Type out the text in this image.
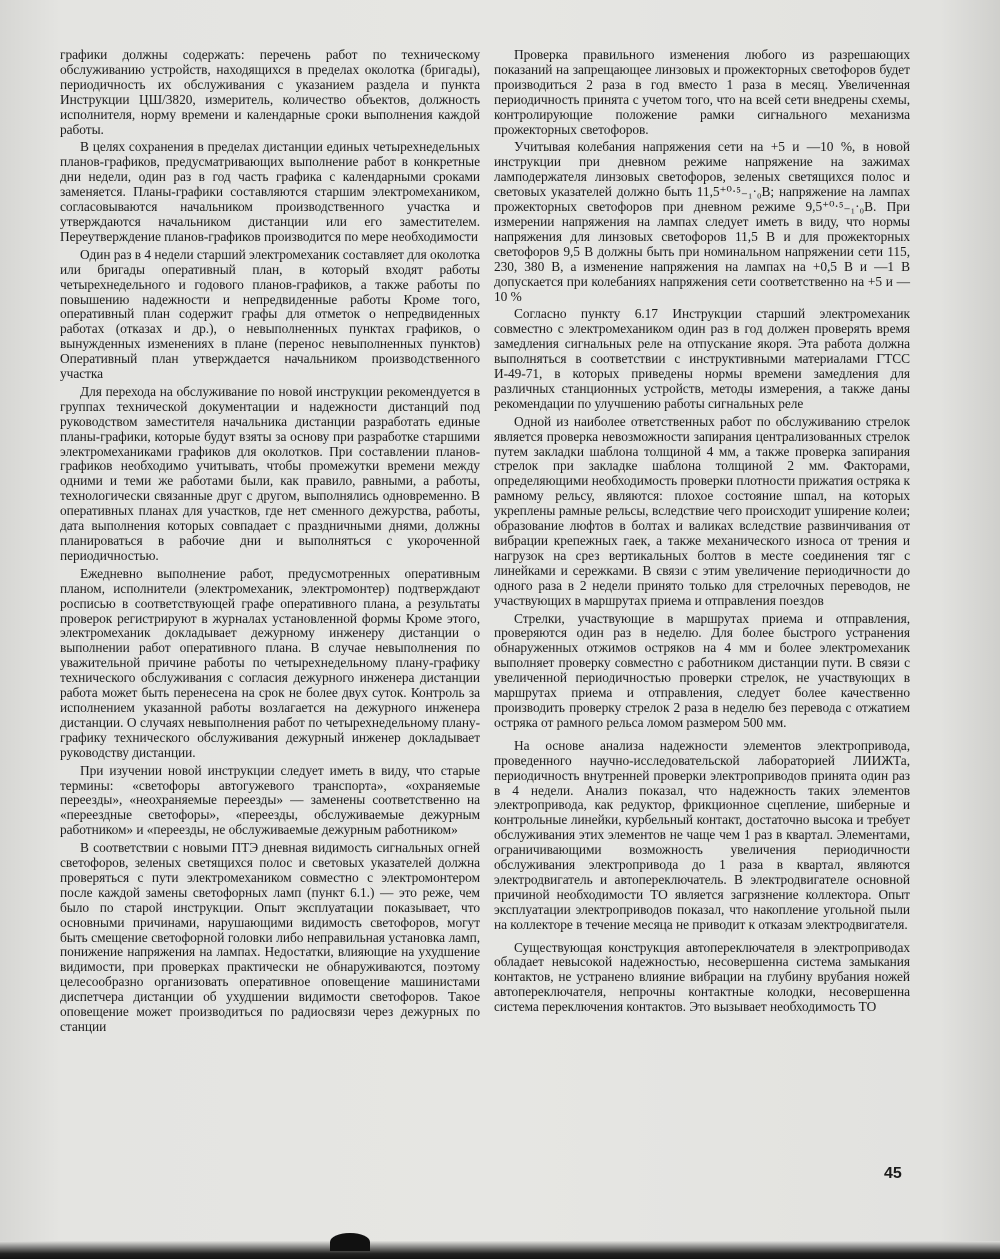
графики должны содержать: перечень работ по техническому обслуживанию устройств, находящихся в пределах околотка (бригады), периодичность их обслуживания с указанием раздела и пункта Инструкции ЦШ/3820, измеритель, количество объектов, должность исполнителя, норму времени и календарные сроки выполнения каждой работы.

В целях сохранения в пределах дистанции единых четырехнедельных планов-графиков, предусматривающих выполнение работ в конкретные дни недели, один раз в год часть графика с календарными сроками заменяется. Планы-графики составляются старшим электромехаником, согласовываются начальником производственного участка и утверждаются начальником дистанции или его заместителем. Переутверждение планов-графиков производится по мере необходимости

Один раз в 4 недели старший электромеханик составляет для околотка или бригады оперативный план, в который входят работы четырехнедельного и годового планов-графиков, а также работы по повышению надежности и непредвиденные работы Кроме того, оперативный план содержит графы для отметок о непредвиденных работах (отказах и др.), о невыполненных пунктах графиков, о вынужденных изменениях в плане (перенос невыполненных пунктов) Оперативный план утверждается начальником производственного участка

Для перехода на обслуживание по новой инструкции рекомендуется в группах технической документации и надежности дистанций под руководством заместителя начальника дистанции разработать единые планы-графики, которые будут взяты за основу при разработке старшими электромеханиками графиков для околотков. При составлении планов-графиков необходимо учитывать, чтобы промежутки времени между одними и теми же работами были, как правило, равными, а работы, технологически связанные друг с другом, выполнялись одновременно. В оперативных планах для участков, где нет сменного дежурства, работы, дата выполнения которых совпадает с праздничными днями, должны планироваться в рабочие дни и выполняться с укороченной периодичностью.

Ежедневно выполнение работ, предусмотренных оперативным планом, исполнители (электромеханик, электромонтер) подтверждают росписью в соответствующей графе оперативного плана, а результаты проверок регистрируют в журналах установленной формы Кроме этого, электромеханик докладывает дежурному инженеру дистанции о выполнении работ оперативного плана. В случае невыполнения по уважительной причине работы по четырехнедельному плану-графику технического обслуживания с согласия дежурного инженера дистанции работа может быть перенесена на срок не более двух суток. Контроль за исполнением указанной работы возлагается на дежурного инженера дистанции. О случаях невыполнения работ по четырехнедельному плану-графику технического обслуживания дежурный инженер докладывает руководству дистанции.

При изучении новой инструкции следует иметь в виду, что старые термины: «светофоры автогужевого транспорта», «охраняемые переезды», «неохраняемые переезды» — заменены соответственно на «переездные светофоры», «переезды, обслуживаемые дежурным работником» и «переезды, не обслуживаемые дежурным работником»

В соответствии с новыми ПТЭ дневная видимость сигнальных огней светофоров, зеленых светящихся полос и световых указателей должна проверяться с пути электромехаником совместно с электромонтером после каждой замены светофорных ламп (пункт 6.1.) — это реже, чем было по старой инструкции. Опыт эксплуатации показывает, что основными причинами, нарушающими видимость светофоров, могут быть смещение светофорной головки либо неправильная установка ламп, понижение напряжения на лампах. Недостатки, влияющие на ухудшение видимости, при проверках практически не обнаруживаются, поэтому целесообразно организовать оперативное оповещение машинистами диспетчера дистанции об ухудшении видимости светофоров. Такое оповещение может производиться по радиосвязи через дежурных по станции

Проверка правильного изменения любого из разрешающих показаний на запрещающее линзовых и прожекторных светофоров будет производиться 2 раза в год вместо 1 раза в месяц. Увеличенная периодичность принята с учетом того, что на всей сети внедрены схемы, контролирующие положение рамки сигнального механизма прожекторных светофоров.

Учитывая колебания напряжения сети на +5 и —10 %, в новой инструкции при дневном режиме напряжение на зажимах ламподержателя линзовых светофоров, зеленых светящихся полос и световых указателей должно быть 11,5⁺⁰·⁵₋₁·₀В; напряжение на лампах прожекторных светофоров при дневном режиме 9,5⁺⁰·⁵₋₁·₀В. При измерении напряжения на лампах следует иметь в виду, что нормы напряжения для линзовых светофоров 11,5 В и для прожекторных светофоров 9,5 В должны быть при номинальном напряжении сети 115, 230, 380 В, а изменение напряжения на лампах на +0,5 В и —1 В допускается при колебаниях напряжения сети соответственно на +5 и —10 %

Согласно пункту 6.17 Инструкции старший электромеханик совместно с электромехаником один раз в год должен проверять время замедления сигнальных реле на отпускание якоря. Эта работа должна выполняться в соответствии с инструктивными материалами ГТСС И-49-71, в которых приведены нормы времени замедления для различных станционных устройств, методы измерения, а также даны рекомендации по улучшению работы сигнальных реле

Одной из наиболее ответственных работ по обслуживанию стрелок является проверка невозможности запирания централизованных стрелок путем закладки шаблона толщиной 4 мм, а также проверка запирания стрелок при закладке шаблона толщиной 2 мм. Факторами, определяющими необходимость проверки плотности прижатия остряка к рамному рельсу, являются: плохое состояние шпал, на которых укреплены рамные рельсы, вследствие чего происходит уширение колеи; образование люфтов в болтах и валиках вследствие развинчивания от вибрации крепежных гаек, а также механического износа от трения и нагрузок на срез вертикальных болтов в месте соединения тяг с линейками и сережками. В связи с этим увеличение периодичности до одного раза в 2 недели принято только для стрелочных переводов, не участвующих в маршрутах приема и отправления поездов

Стрелки, участвующие в маршрутах приема и отправления, проверяются один раз в неделю. Для более быстрого устранения обнаруженных отжимов остряков на 4 мм и более электромеханик выполняет проверку совместно с работником дистанции пути. В связи с увеличенной периодичностью проверки стрелок, не участвующих в маршрутах приема и отправления, следует более качественно производить проверку стрелок 2 раза в неделю без перевода с отжатием остряка от рамного рельса ломом размером 500 мм.

На основе анализа надежности элементов электропривода, проведенного научно-исследовательской лабораторией ЛИИЖТа, периодичность внутренней проверки электроприводов принята один раз в 4 недели. Анализ показал, что надежность таких элементов электропривода, как редуктор, фрикционное сцепление, шиберные и контрольные линейки, курбельный контакт, достаточно высока и требует обслуживания этих элементов не чаще чем 1 раз в квартал. Элементами, ограничивающими возможность увеличения периодичности обслуживания электропривода до 1 раза в квартал, являются электродвигатель и автопереключатель. В электродвигателе основной причиной необходимости ТО является загрязнение коллектора. Опыт эксплуатации электроприводов показал, что накопление угольной пыли на коллекторе в течение месяца не приводит к отказам электродвигателя.

Существующая конструкция автопереключателя в электроприводах обладает невысокой надежностью, несовершенна система замыкания контактов, не устранено влияние вибрации на глубину врубания ножей автопереключателя, непрочны контактные колодки, несовершенна система переключения контактов. Это вызывает необходимость ТО

45
